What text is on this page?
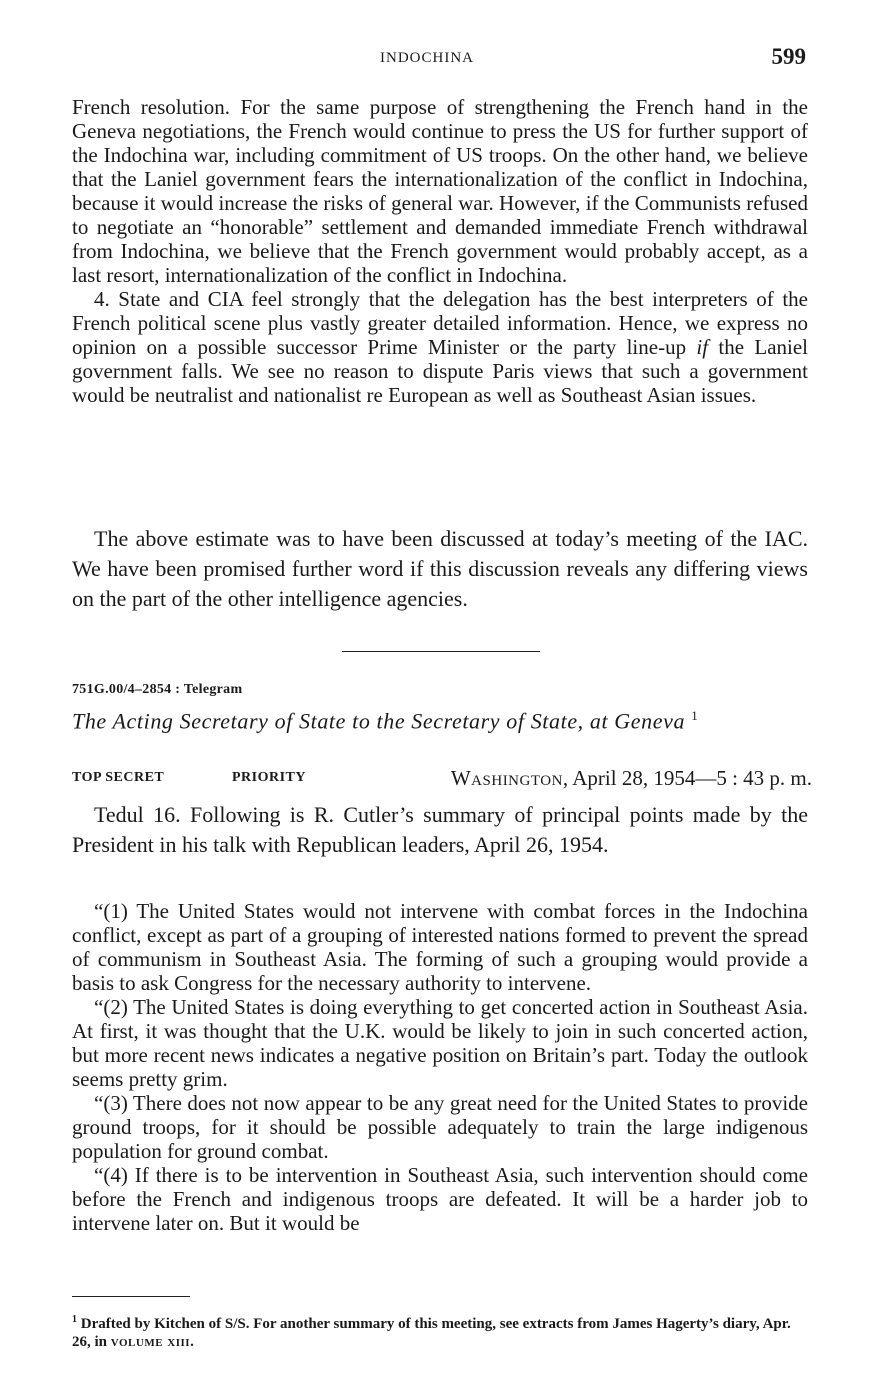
INDOCHINA	599

French resolution. For the same purpose of strengthening the French hand in the Geneva negotiations, the French would continue to press the US for further support of the Indochina war, including commitment of US troops. On the other hand, we believe that the Laniel government fears the internationalization of the conflict in Indochina, because it would increase the risks of general war. However, if the Communists refused to negotiate an “honorable” settlement and demanded immediate French withdrawal from Indochina, we believe that the French government would probably accept, as a last resort, internationalization of the conflict in Indochina.

4. State and CIA feel strongly that the delegation has the best interpreters of the French political scene plus vastly greater detailed information. Hence, we express no opinion on a possible successor Prime Minister or the party line-up if the Laniel government falls. We see no reason to dispute Paris views that such a government would be neutralist and nationalist re European as well as Southeast Asian issues.

The above estimate was to have been discussed at today’s meeting of the IAC. We have been promised further word if this discussion reveals any differing views on the part of the other intelligence agencies.

751G.00/4–2854 : Telegram
The Acting Secretary of State to the Secretary of State, at Geneva $^1$
TOP SECRET	PRIORITY	Washington, April 28, 1954—5 : 43 p. m.

Tedul 16. Following is R. Cutler’s summary of principal points made by the President in his talk with Republican leaders, April 26, 1954.

“(1) The United States would not intervene with combat forces in the Indochina conflict, except as part of a grouping of interested nations formed to prevent the spread of communism in Southeast Asia. The forming of such a grouping would provide a basis to ask Congress for the necessary authority to intervene.

“(2) The United States is doing everything to get concerted action in Southeast Asia. At first, it was thought that the U.K. would be likely to join in such concerted action, but more recent news indicates a negative position on Britain’s part. Today the outlook seems pretty grim.

“(3) There does not now appear to be any great need for the United States to provide ground troops, for it should be possible adequately to train the large indigenous population for ground combat.

“(4) If there is to be intervention in Southeast Asia, such intervention should come before the French and indigenous troops are defeated. It will be a harder job to intervene later on. But it would be

$^1$ Drafted by Kitchen of S/S. For another summary of this meeting, see extracts from James Hagerty’s diary, Apr. 26, in volume xiii.
